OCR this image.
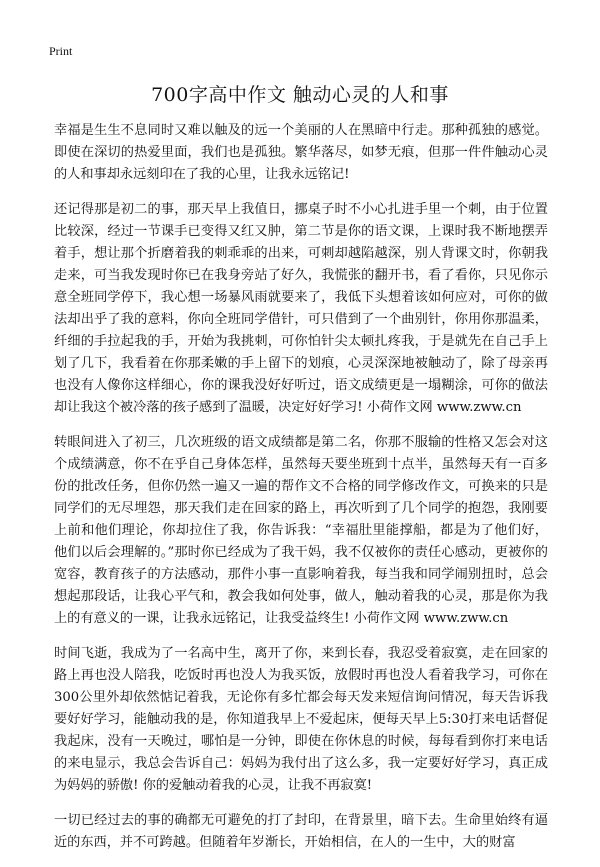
Print
700字高中作文 触动心灵的人和事

幸福是生生不息同时又难以触及的远一个美丽的人在黑暗中行走。那种孤独的感觉。即使在深切的热爱里面，我们也是孤独。繁华落尽，如梦无痕，但那一件件触动心灵的人和事却永远刻印在了我的心里，让我永远铭记!

还记得那是初二的事，那天早上我值日，挪桌子时不小心扎进手里一个刺，由于位置比较深，经过一节课手已变得又红又肿，第二节是你的语文课，上课时我不断地摆弄着手，想让那个折磨着我的刺乖乖的出来，可刺却越陷越深，别人背课文时，你朝我走来，可当我发现时你已在我身旁站了好久，我慌张的翻开书，看了看你，只见你示意全班同学停下，我心想一场暴风雨就要来了，我低下头想着该如何应对，可你的做法却出乎了我的意料，你向全班同学借针，可只借到了一个曲别针，你用你那温柔，纤细的手拉起我的手，开始为我挑刺，可你怕针尖太顿扎疼我，于是就先在自己手上划了几下，我看着在你那柔嫩的手上留下的划痕，心灵深深地被触动了，除了母亲再也没有人像你这样细心，你的课我没好好听过，语文成绩更是一塌糊涂，可你的做法却让我这个被冷落的孩子感到了温暖，决定好好学习! 小荷作文网 www.zww.cn

转眼间进入了初三，几次班级的语文成绩都是第二名，你那不服输的性格又怎会对这个成绩满意，你不在乎自己身体怎样，虽然每天要坐班到十点半，虽然每天有一百多份的批改任务，但你仍然一遍又一遍的帮作文不合格的同学修改作文，可换来的只是同学们的无尽埋怨，那天我们走在回家的路上，再次听到了几个同学的抱怨，我刚要上前和他们理论，你却拉住了我，你告诉我：“幸福肚里能撑船，都是为了他们好，他们以后会理解的。”那时你已经成为了我干妈，我不仅被你的责任心感动，更被你的宽容，教育孩子的方法感动，那件小事一直影响着我，每当我和同学闹别扭时，总会想起那段话，让我心平气和，教会我如何处事，做人，触动着我的心灵，那是你为我上的有意义的一课，让我永远铭记，让我受益终生! 小荷作文网 www.zww.cn

时间飞逝，我成为了一名高中生，离开了你，来到长春，我忍受着寂寞，走在回家的路上再也没人陪我，吃饭时再也没人为我买饭，放假时再也没人看着我学习，可你在300公里外却依然惦记着我，无论你有多忙都会每天发来短信询问情况，每天告诉我要好好学习，能触动我的是，你知道我早上不爱起床，便每天早上5:30打来电话督促我起床，没有一天晚过，哪怕是一分钟，即使在你休息的时候，每每看到你打来电话的来电显示，我总会告诉自己：妈妈为我付出了这么多，我一定要好好学习，真正成为妈妈的骄傲! 你的爱触动着我的心灵，让我不再寂寞!

一切已经过去的事的确都无可避免的打了封印，在背景里，暗下去。生命里始终有逼近的东西，并不可跨越。但随着年岁渐长，开始相信，在人的一生中，大的财富
